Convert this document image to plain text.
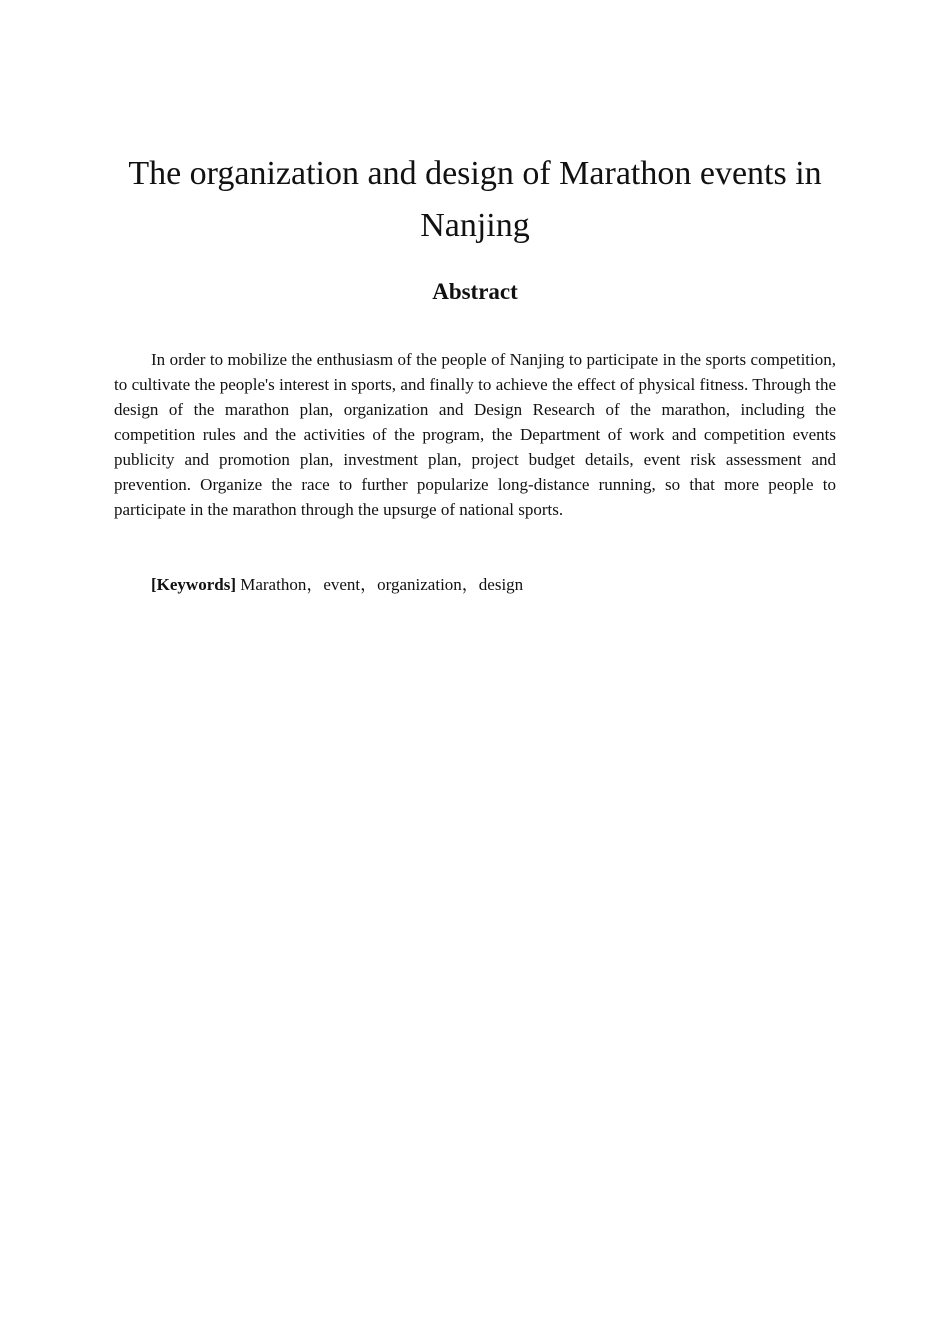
The organization and design of Marathon events in Nanjing
Abstract

In order to mobilize the enthusiasm of the people of Nanjing to participate in the sports competition, to cultivate the people's interest in sports, and finally to achieve the effect of physical fitness. Through the design of the marathon plan, organization and Design Research of the marathon, including the competition rules and the activities of the program, the Department of work and competition events publicity and promotion plan, investment plan, project budget details, event risk assessment and prevention. Organize the race to further popularize long-distance running, so that more people to participate in the marathon through the upsurge of national sports.

[Keywords] Marathon，event，organization，design
